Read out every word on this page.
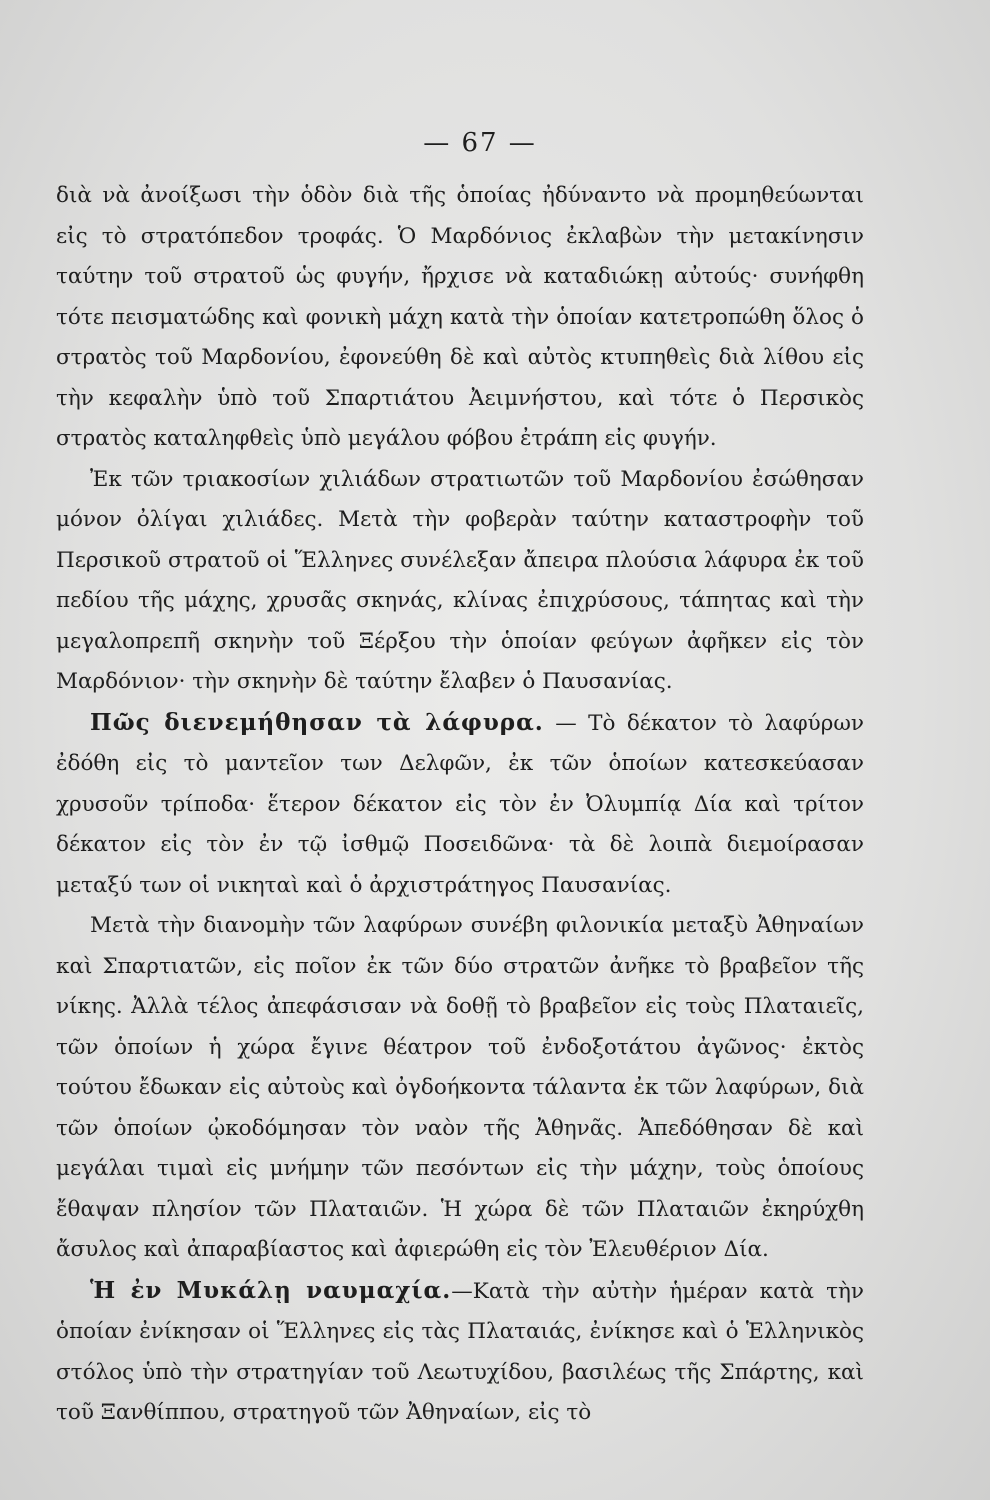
— 67 —

διὰ νὰ ἀνοίξωσι τὴν ὁδὸν διὰ τῆς ὁποίας ἠδύναντο νὰ προμηθεύωνται εἰς τὸ στρατόπεδον τροφάς. Ὁ Μαρδόνιος ἐκλαβὼν τὴν μετακίνησιν ταύτην τοῦ στρατοῦ ὡς φυγήν, ἤρχισε νὰ καταδιώκῃ αὐτούς· συνήφθη τότε πεισματώδης καὶ φονικὴ μάχη κατὰ τὴν ὁποίαν κατετροπώθη ὅλος ὁ στρατὸς τοῦ Μαρδονίου, ἐφονεύθη δὲ καὶ αὐτὸς κτυπηθεὶς διὰ λίθου εἰς τὴν κεφαλὴν ὑπὸ τοῦ Σπαρτιάτου Ἀειμνήστου, καὶ τότε ὁ Περσικὸς στρατὸς καταληφθεὶς ὑπὸ μεγάλου φόβου ἐτράπη εἰς φυγήν.

Ἐκ τῶν τριακοσίων χιλιάδων στρατιωτῶν τοῦ Μαρδονίου ἐσώθησαν μόνον ὀλίγαι χιλιάδες. Μετὰ τὴν φοβερὰν ταύτην καταστροφὴν τοῦ Περσικοῦ στρατοῦ οἱ Ἕλληνες συνέλεξαν ἄπειρα πλούσια λάφυρα ἐκ τοῦ πεδίου τῆς μάχης, χρυσᾶς σκηνάς, κλίνας ἐπιχρύσους, τάπητας καὶ τὴν μεγαλοπρεπῆ σκηνὴν τοῦ Ξέρξου τὴν ὁποίαν φεύγων ἀφῆκεν εἰς τὸν Μαρδόνιον· τὴν σκηνὴν δὲ ταύτην ἔλαβεν ὁ Παυσανίας.

Πῶς διενεμήθησαν τὰ λάφυρα. — Τὸ δέκατον τὸ λαφύρων ἐδόθη εἰς τὸ μαντεῖον των Δελφῶν, ἐκ τῶν ὁποίων κατεσκεύασαν χρυσοῦν τρίποδα· ἕτερον δέκατον εἰς τὸν ἐν Ὀλυμπίᾳ Δία καὶ τρίτον δέκατον εἰς τὸν ἐν τῷ ἰσθμῷ Ποσειδῶνα· τὰ δὲ λοιπὰ διεμοίρασαν μεταξύ των οἱ νικηταὶ καὶ ὁ ἀρχιστράτηγος Παυσανίας.

Μετὰ τὴν διανομὴν τῶν λαφύρων συνέβη φιλονικία μεταξὺ Ἀθηναίων καὶ Σπαρτιατῶν, εἰς ποῖον ἐκ τῶν δύο στρατῶν ἀνῆκε τὸ βραβεῖον τῆς νίκης. Ἀλλὰ τέλος ἀπεφάσισαν νὰ δοθῇ τὸ βραβεῖον εἰς τοὺς Πλαταιεῖς, τῶν ὁποίων ἡ χώρα ἔγινε θέατρον τοῦ ἐνδοξοτάτου ἀγῶνος· ἐκτὸς τούτου ἔδωκαν εἰς αὐτοὺς καὶ ὀγδοήκοντα τάλαντα ἐκ τῶν λαφύρων, διὰ τῶν ὁποίων ᾠκοδόμησαν τὸν ναὸν τῆς Ἀθηνᾶς. Ἀπεδόθησαν δὲ καὶ μεγάλαι τιμαὶ εἰς μνήμην τῶν πεσόντων εἰς τὴν μάχην, τοὺς ὁποίους ἔθαψαν πλησίον τῶν Πλαταιῶν. Ἡ χώρα δὲ τῶν Πλαταιῶν ἐκηρύχθη ἄσυλος καὶ ἀπαραβίαστος καὶ ἀφιερώθη εἰς τὸν Ἐλευθέριον Δία.

Ἡ ἐν Μυκάλῃ ναυμαχία.—Κατὰ τὴν αὐτὴν ἡμέραν κατὰ τὴν ὁποίαν ἐνίκησαν οἱ Ἕλληνες εἰς τὰς Πλαταιάς, ἐνίκησε καὶ ὁ Ἑλληνικὸς στόλος ὑπὸ τὴν στρατηγίαν τοῦ Λεωτυχίδου, βασιλέως τῆς Σπάρτης, καὶ τοῦ Ξανθίππου, στρατηγοῦ τῶν Ἀθηναίων, εἰς τὸ
